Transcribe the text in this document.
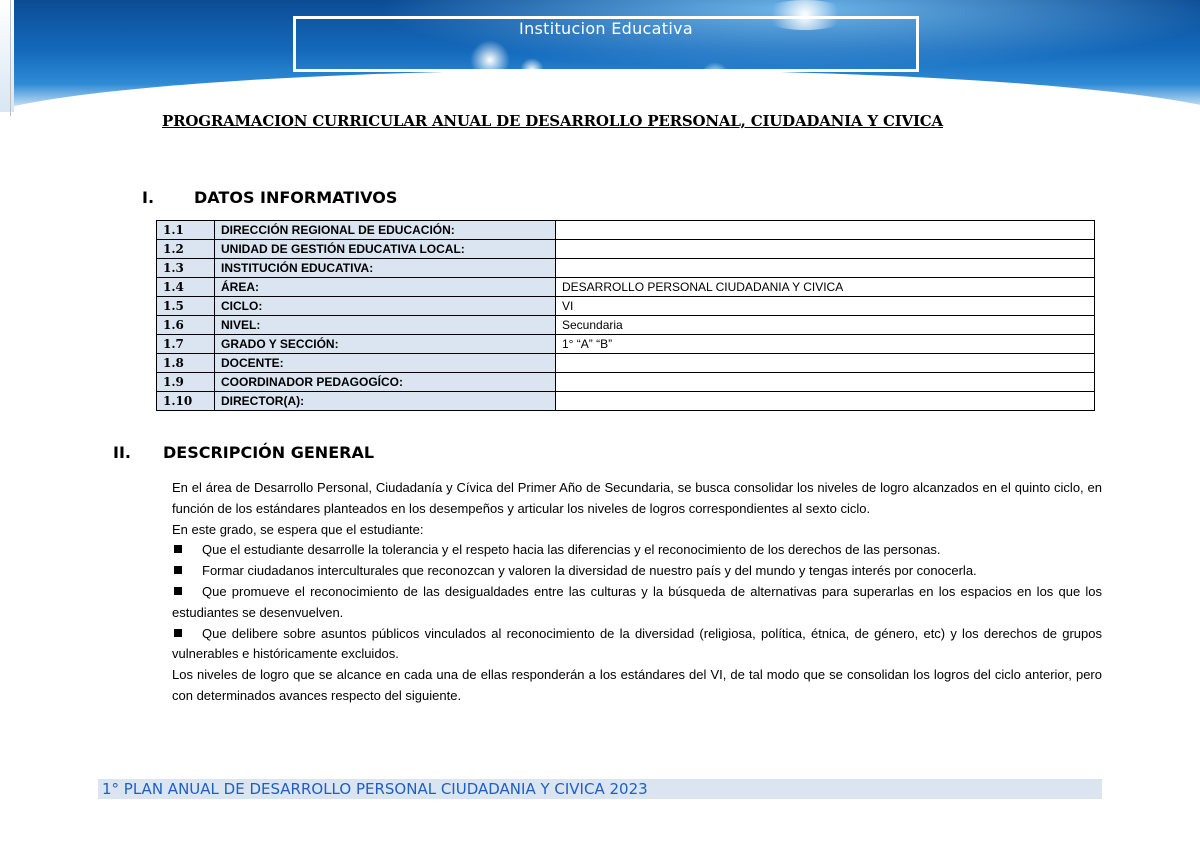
Institucion Educativa
PROGRAMACION CURRICULAR ANUAL DE DESARROLLO PERSONAL, CIUDADANIA Y CIVICA
I. DATOS INFORMATIVOS
1.1	DIRECCIÓN REGIONAL DE EDUCACIÓN:	
1.2	UNIDAD DE GESTIÓN EDUCATIVA LOCAL:	
1.3	INSTITUCIÓN EDUCATIVA:	
1.4	ÁREA:	DESARROLLO PERSONAL CIUDADANIA Y CIVICA
1.5	CICLO:	VI
1.6	NIVEL:	Secundaria
1.7	GRADO Y SECCIÓN:	1° “A” “B”
1.8	DOCENTE:	
1.9	COORDINADOR PEDAGOGÍCO:	
1.10	DIRECTOR(A):	
II. DESCRIPCIÓN GENERAL

En el área de Desarrollo Personal, Ciudadanía y Cívica del Primer Año de Secundaria, se busca consolidar los niveles de logro alcanzados en el quinto ciclo, en función de los estándares planteados en los desempeños y articular los niveles de logros correspondientes al sexto ciclo.

En este grado, se espera que el estudiante:

Que el estudiante desarrolle la tolerancia y el respeto hacia las diferencias y el reconocimiento de los derechos de las personas.

Formar ciudadanos interculturales que reconozcan y valoren la diversidad de nuestro país y del mundo y tengas interés por conocerla.

Que promueve el reconocimiento de las desigualdades entre las culturas y la búsqueda de alternativas para superarlas en los espacios en los que los estudiantes se desenvuelven.

Que delibere sobre asuntos públicos vinculados al reconocimiento de la diversidad (religiosa, política, étnica, de género, etc) y los derechos de grupos vulnerables e históricamente excluidos.

Los niveles de logro que se alcance en cada una de ellas responderán a los estándares del VI, de tal modo que se consolidan los logros del ciclo anterior, pero con determinados avances respecto del siguiente.

1° PLAN ANUAL DE DESARROLLO PERSONAL CIUDADANIA Y CIVICA 2023
